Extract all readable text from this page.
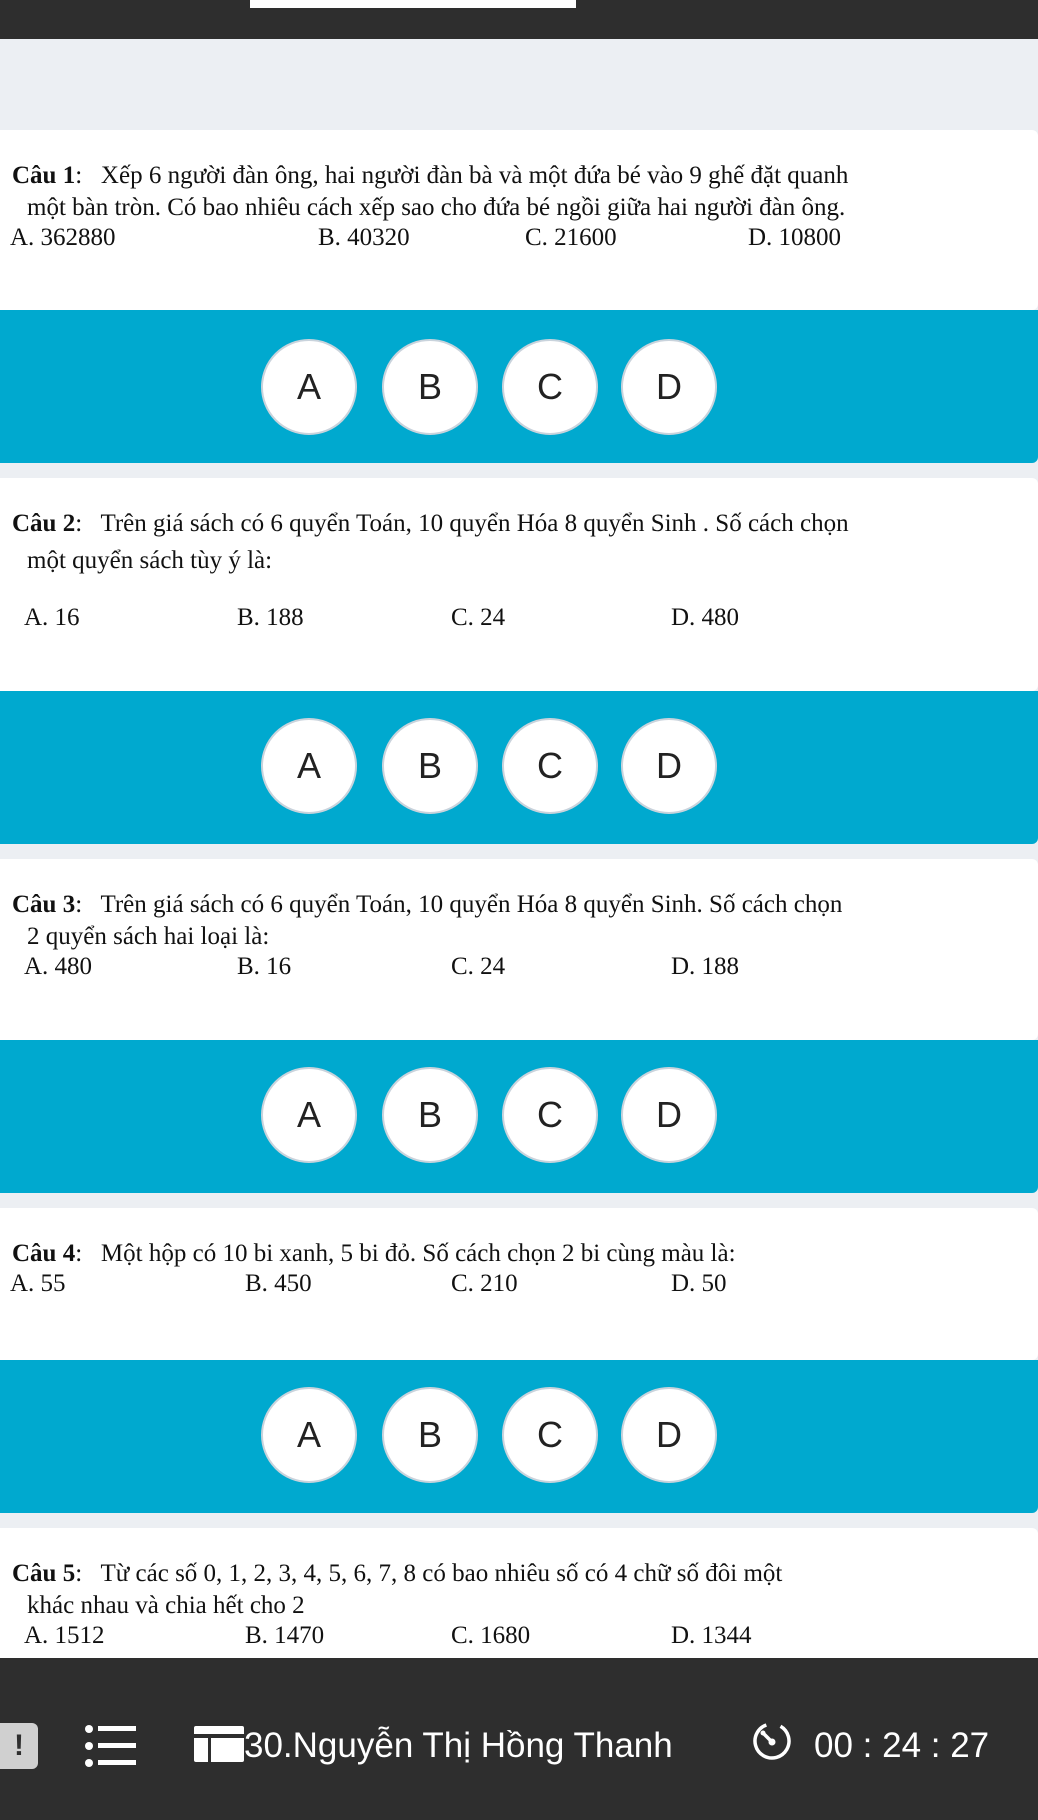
Câu 1:   Xếp 6 người đàn ông, hai người đàn bà và một đứa bé vào 9 ghế đặt quanh
một bàn tròn. Có bao nhiêu cách xếp sao cho đứa bé ngồi giữa hai người đàn ông.
A. 362880	B. 40320	C. 21600	D. 10800
A	B	C	D
Câu 2:   Trên giá sách có 6 quyển Toán, 10 quyển Hóa 8 quyển Sinh . Số cách chọn
một quyển sách tùy ý là:
A. 16	B. 188	C. 24	D. 480
A	B	C	D
Câu 3:   Trên giá sách có 6 quyển Toán, 10 quyển Hóa 8 quyển Sinh. Số cách chọn
2 quyển sách hai loại là:
A. 480	B. 16	C. 24	D. 188
A	B	C	D
Câu 4:   Một hộp có 10 bi xanh, 5 bi đỏ. Số cách chọn 2 bi cùng màu là:
A. 55	B. 450	C. 210	D. 50
A	B	C	D
Câu 5:   Từ các số 0, 1, 2, 3, 4, 5, 6, 7, 8 có bao nhiêu số có 4 chữ số đôi một
khác nhau và chia hết cho 2
A. 1512	B. 1470	C. 1680	D. 1344
!	30.Nguyễn Thị Hồng Thanh	00 : 24 : 27
